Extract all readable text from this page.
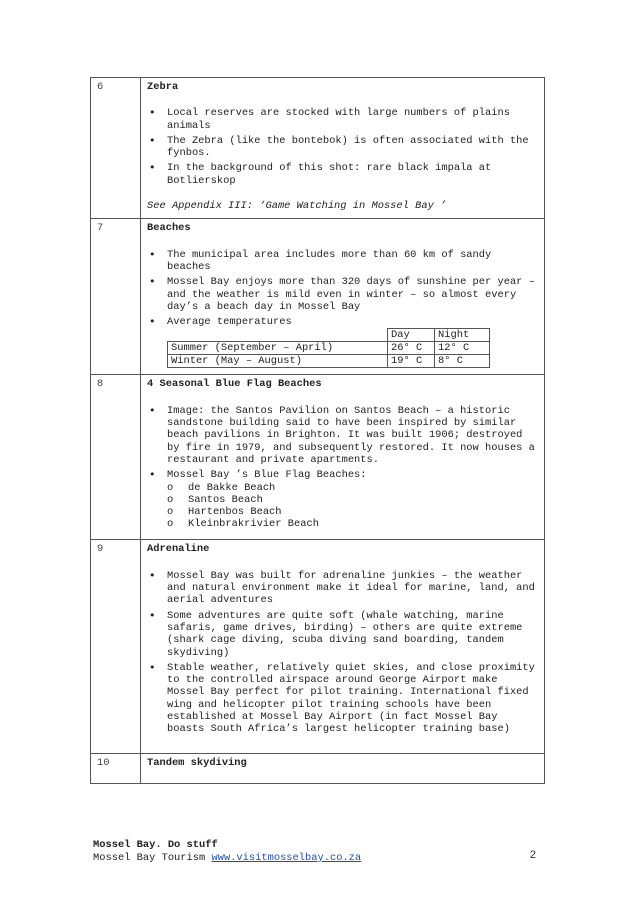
6	Zebra
• Local reserves are stocked with large numbers of plains animals
• The Zebra (like the bontebok) is often associated with the fynbos.
• In the background of this shot: rare black impala at Botlierskop
See Appendix III: ‘Game Watching in Mossel Bay ’

7	Beaches
• The municipal area includes more than 60 km of sandy beaches
• Mossel Bay enjoys more than 320 days of sunshine per year – and the weather is mild even in winter – so almost every day’s a beach day in Mossel Bay
• Average temperatures
	Day	Night
Summer (September – April)	26° C	12° C
Winter (May – August)	19° C	8° C

8	4 Seasonal Blue Flag Beaches
• Image: the Santos Pavilion on Santos Beach – a historic sandstone building said to have been inspired by similar beach pavilions in Brighton. It was built 1906; destroyed by fire in 1979, and subsequently restored. It now houses a restaurant and private apartments.
• Mossel Bay ’s Blue Flag Beaches:
o de Bakke Beach
o Santos Beach
o Hartenbos Beach
o Kleinbrakrivier Beach

9	Adrenaline
• Mossel Bay was built for adrenaline junkies – the weather and natural environment make it ideal for marine, land, and aerial adventures
• Some adventures are quite soft (whale watching, marine safaris, game drives, birding) – others are quite extreme (shark cage diving, scuba diving sand boarding, tandem skydiving)
• Stable weather, relatively quiet skies, and close proximity to the controlled airspace around George Airport make Mossel Bay perfect for pilot training. International fixed wing and helicopter pilot training schools have been established at Mossel Bay Airport (in fact Mossel Bay boasts South Africa’s largest helicopter training base)

10	Tandem skydiving
Mossel Bay. Do stuff
Mossel Bay Tourism www.visitmosselbay.co.za	2
